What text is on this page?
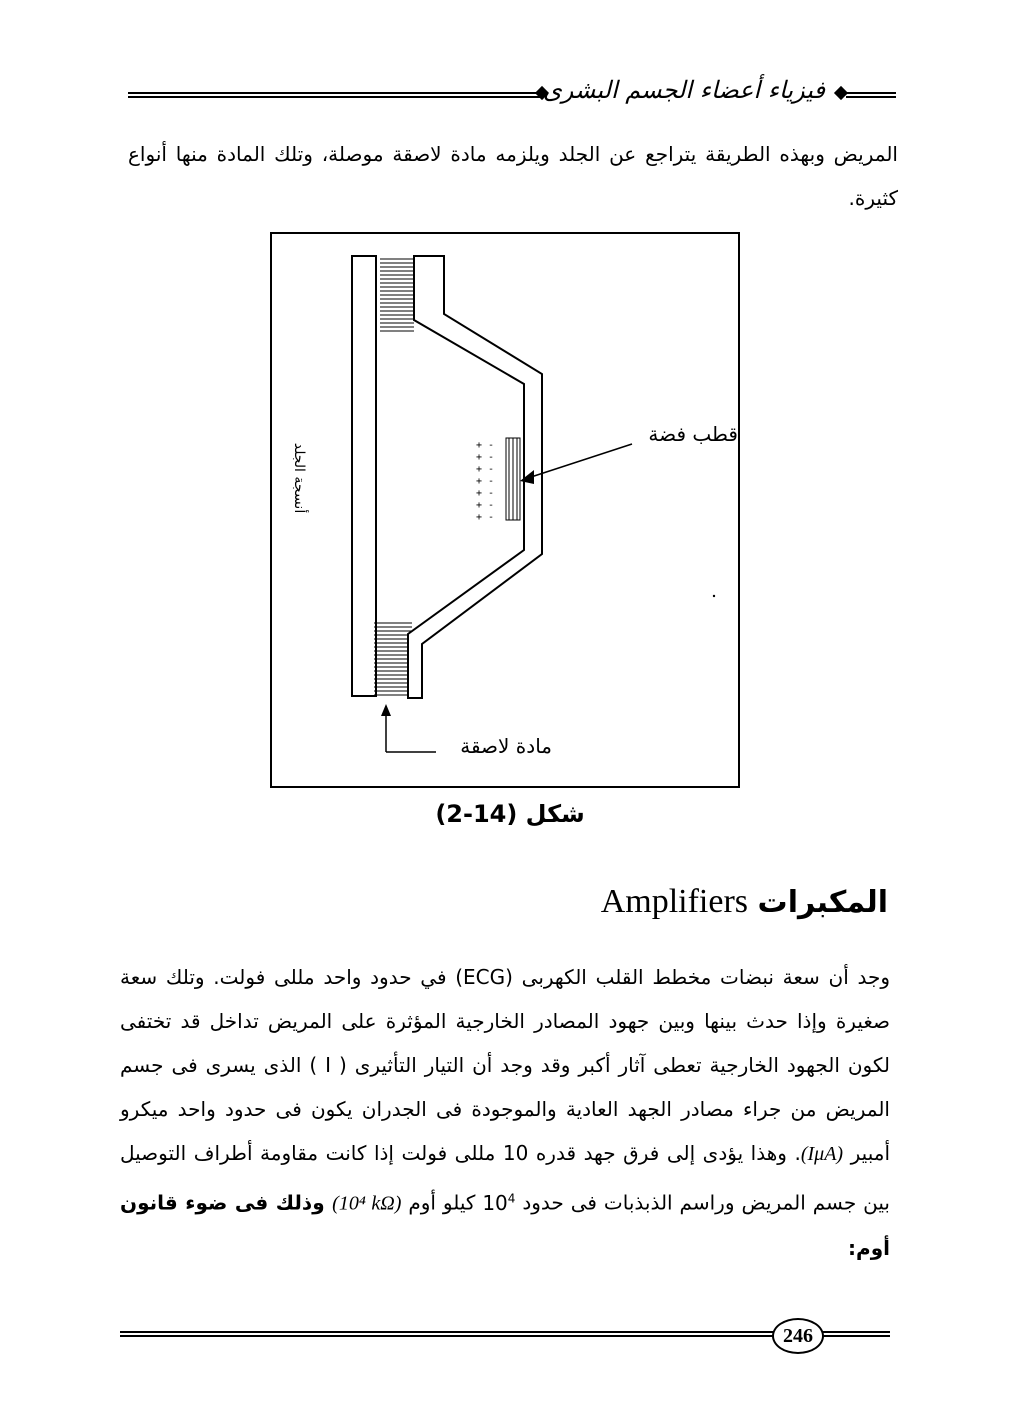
فيزياء أعضاء الجسم البشرى
المريض وبهذه الطريقة يتراجع عن الجلد ويلزمه مادة لاصقة موصلة، وتلك المادة منها أنواع كثيرة.
+ -
+ -
+ -
+ -
+ -
+ -
+ -
أنسجة الجلد
قطب فضة
مادة لاصقة
شكل (14-2)
Amplifiers المكبرات
وجد أن سعة نبضات مخطط القلب الكهربى (ECG) في حدود واحد مللى فولت. وتلك سعة صغيرة وإذا حدث بينها وبين جهود المصادر الخارجية المؤثرة على المريض تداخل قد تختفى لكون الجهود الخارجية تعطى آثار أكبر وقد وجد أن التيار التأثيرى ( I ) الذى يسرى فى جسم المريض من جراء مصادر الجهد العادية والموجودة فى الجدران يكون فى حدود واحد ميكرو أمبير (IμA). وهذا يؤدى إلى فرق جهد قدره 10 مللى فولت إذا كانت مقاومة أطراف التوصيل بين جسم المريض وراسم الذبذبات فى حدود $10^4$ كيلو أوم (10⁴ kΩ) وذلك فى ضوء قانون أوم:
246
